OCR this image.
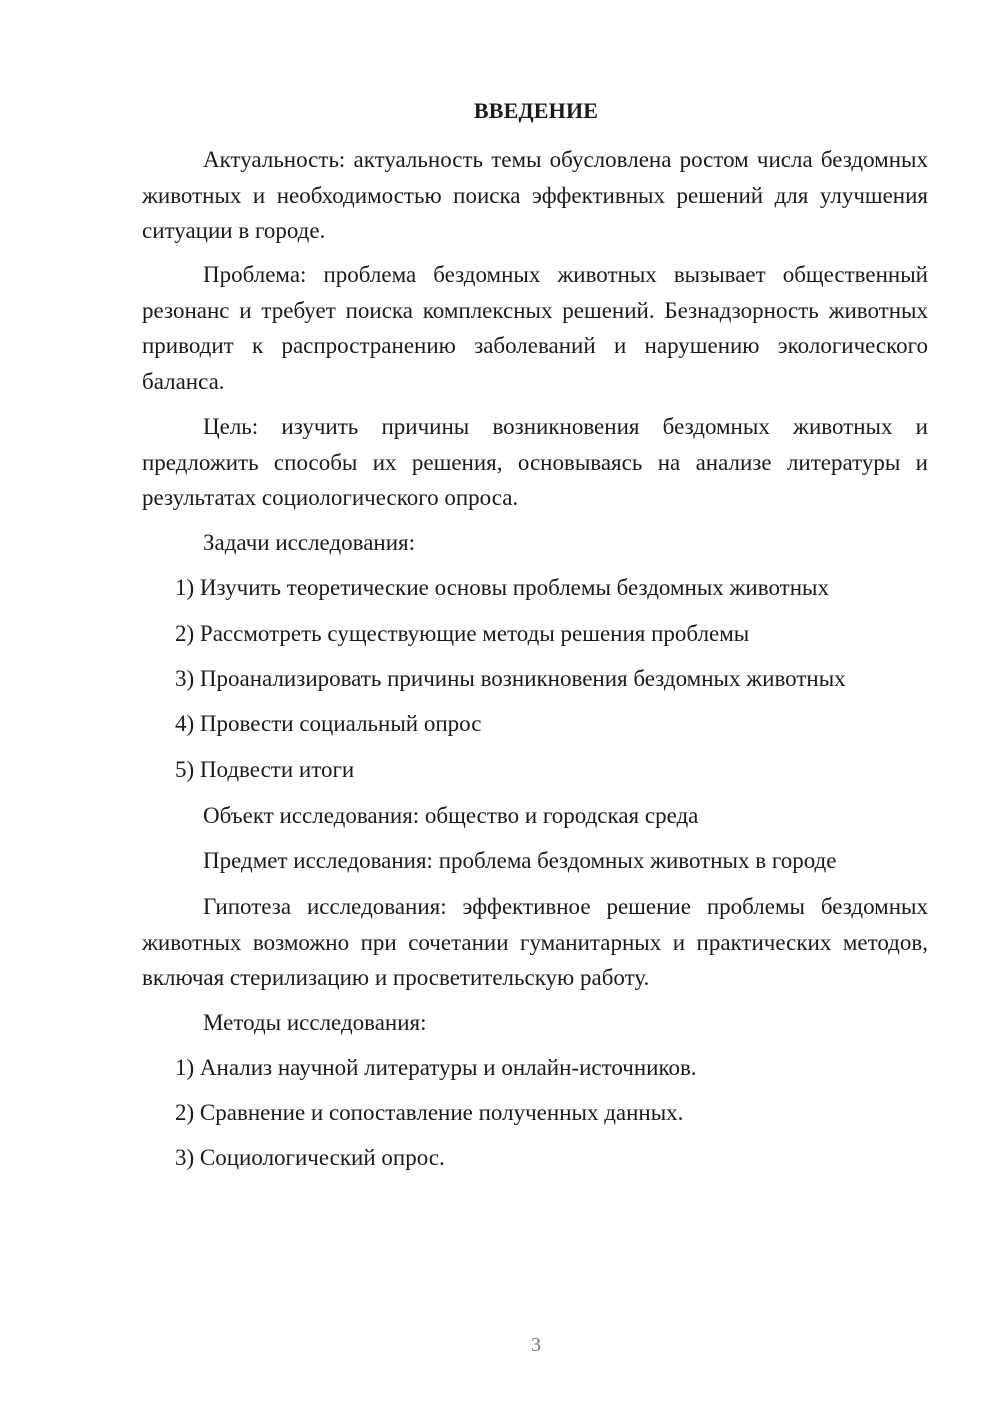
ВВЕДЕНИЕ
Актуальность: актуальность темы обусловлена ростом числа бездомных животных и необходимостью поиска эффективных решений для улучшения ситуации в городе.
Проблема: проблема бездомных животных вызывает общественный резонанс и требует поиска комплексных решений. Безнадзорность животных приводит к распространению заболеваний и нарушению экологического баланса.
Цель: изучить причины возникновения бездомных животных и предложить способы их решения, основываясь на анализе литературы и результатах социологического опроса.
Задачи исследования:
1) Изучить теоретические основы проблемы бездомных животных
2) Рассмотреть существующие методы решения проблемы
3) Проанализировать причины возникновения бездомных животных
4) Провести социальный опрос
5) Подвести итоги
Объект исследования: общество и городская среда
Предмет исследования: проблема бездомных животных в городе
Гипотеза исследования: эффективное решение проблемы бездомных животных возможно при сочетании гуманитарных и практических методов, включая стерилизацию и просветительскую работу.
Методы исследования:
1) Анализ научной литературы и онлайн-источников.
2) Сравнение и сопоставление полученных данных.
3) Социологический опрос.
3
